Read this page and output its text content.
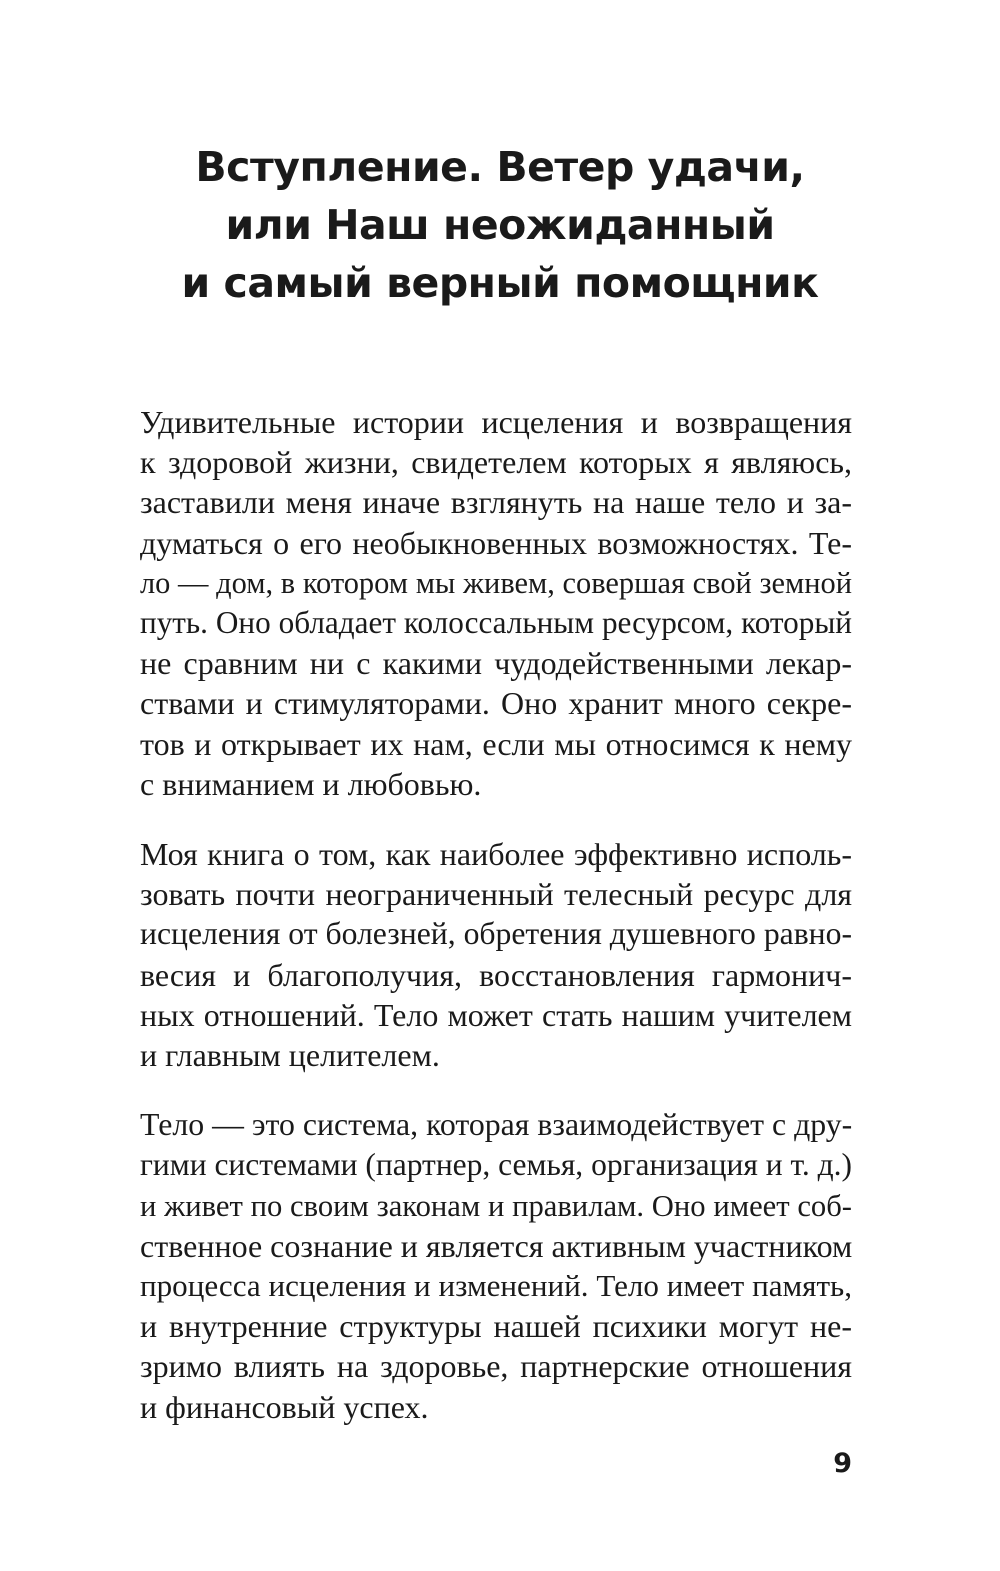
Вступление. Ветер удачи,
или Наш неожиданный
и самый верный помощник
Удивительные истории исцеления и возвращения
к здоровой жизни, свидетелем которых я являюсь,
заставили меня иначе взглянуть на наше тело и за-
думаться о его необыкновенных возможностях. Те-
ло — дом, в котором мы живем, совершая свой земной
путь. Оно обладает колоссальным ресурсом, который
не сравним ни с какими чудодейственными лекар-
ствами и стимуляторами. Оно хранит много секре-
тов и открывает их нам, если мы относимся к нему
с вниманием и любовью.
Моя книга о том, как наиболее эффективно исполь-
зовать почти неограниченный телесный ресурс для
исцеления от болезней, обретения душевного равно-
весия и благополучия, восстановления гармонич-
ных отношений. Тело может стать нашим учителем
и главным целителем.
Тело — это система, которая взаимодействует с дру-
гими системами (партнер, семья, организация и т. д.)
и живет по своим законам и правилам. Оно имеет соб-
ственное сознание и является активным участником
процесса исцеления и изменений. Тело имеет память,
и внутренние структуры нашей психики могут не-
зримо влиять на здоровье, партнерские отношения
и финансовый успех.
9
